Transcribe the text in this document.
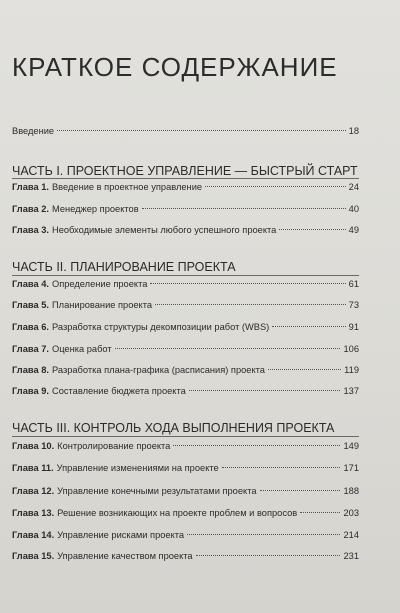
КРАТКОЕ СОДЕРЖАНИЕ
Введение	18
ЧАСТЬ I. ПРОЕКТНОЕ УПРАВЛЕНИЕ — БЫСТРЫЙ СТАРТ
Глава 1. Введение в проектное управление	24
Глава 2. Менеджер проектов	40
Глава 3. Необходимые элементы любого успешного проекта	49
ЧАСТЬ II. ПЛАНИРОВАНИЕ ПРОЕКТА
Глава 4. Определение проекта	61
Глава 5. Планирование проекта	73
Глава 6. Разработка структуры декомпозиции работ (WBS)	91
Глава 7. Оценка работ	106
Глава 8. Разработка плана-графика (расписания) проекта	119
Глава 9. Составление бюджета проекта	137
ЧАСТЬ III. КОНТРОЛЬ ХОДА ВЫПОЛНЕНИЯ ПРОЕКТА
Глава 10. Контролирование проекта	149
Глава 11. Управление изменениями на проекте	171
Глава 12. Управление конечными результатами проекта	188
Глава 13. Решение возникающих на проекте проблем и вопросов	203
Глава 14. Управление рисками проекта	214
Глава 15. Управление качеством проекта	231
